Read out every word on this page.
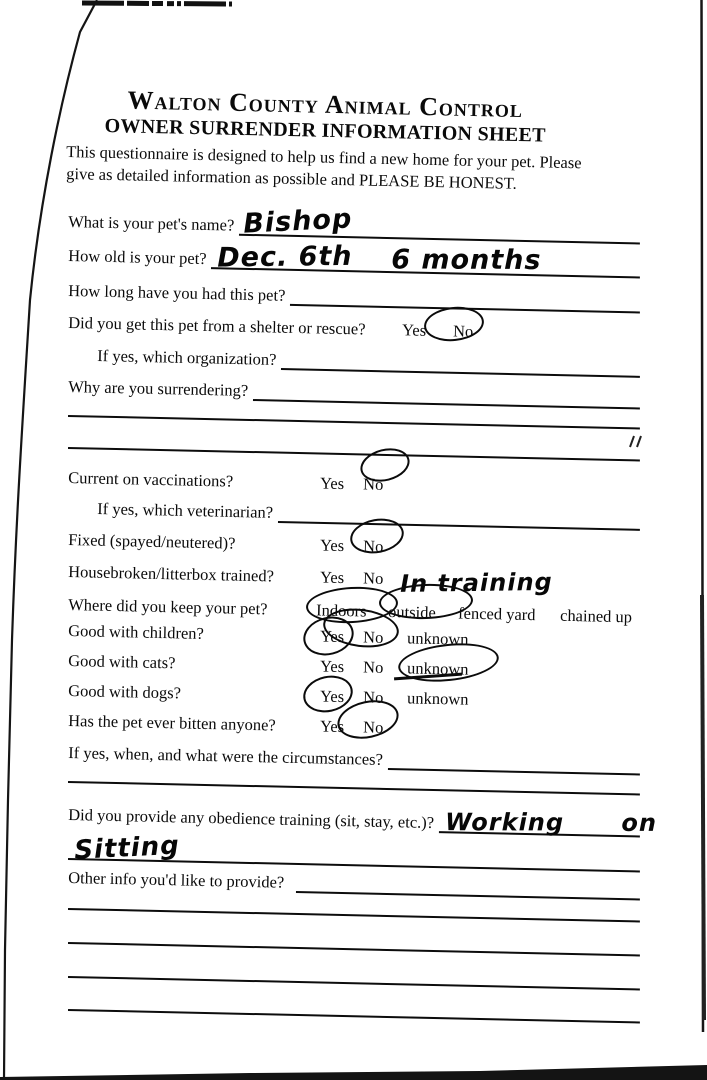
Walton County Animal Control
OWNER SURRENDER INFORMATION SHEET
This questionnaire is designed to help us find a new home for your pet. Please
give as detailed information as possible and PLEASE BE HONEST.
What is your pet's name? Bishop
How old is your pet? Dec. 6th 6 months
How long have you had this pet?
Did you get this pet from a shelter or rescue? Yes No
If yes, which organization?
Why are you surrendering?
Current on vaccinations?	Yes No
If yes, which veterinarian?
Fixed (spayed/neutered)?	Yes No
Housebroken/litterbox trained?	Yes No In training
Where did you keep your pet?	Indoors outside fenced yard chained up
Good with children?	Yes No unknown
Good with cats?	Yes No unknown
Good with dogs?	Yes No unknown
Has the pet ever bitten anyone?	Yes No
If yes, when, and what were the circumstances?
Did you provide any obedience training (sit, stay, etc.)? Working on
Sitting
Other info you'd like to provide?
